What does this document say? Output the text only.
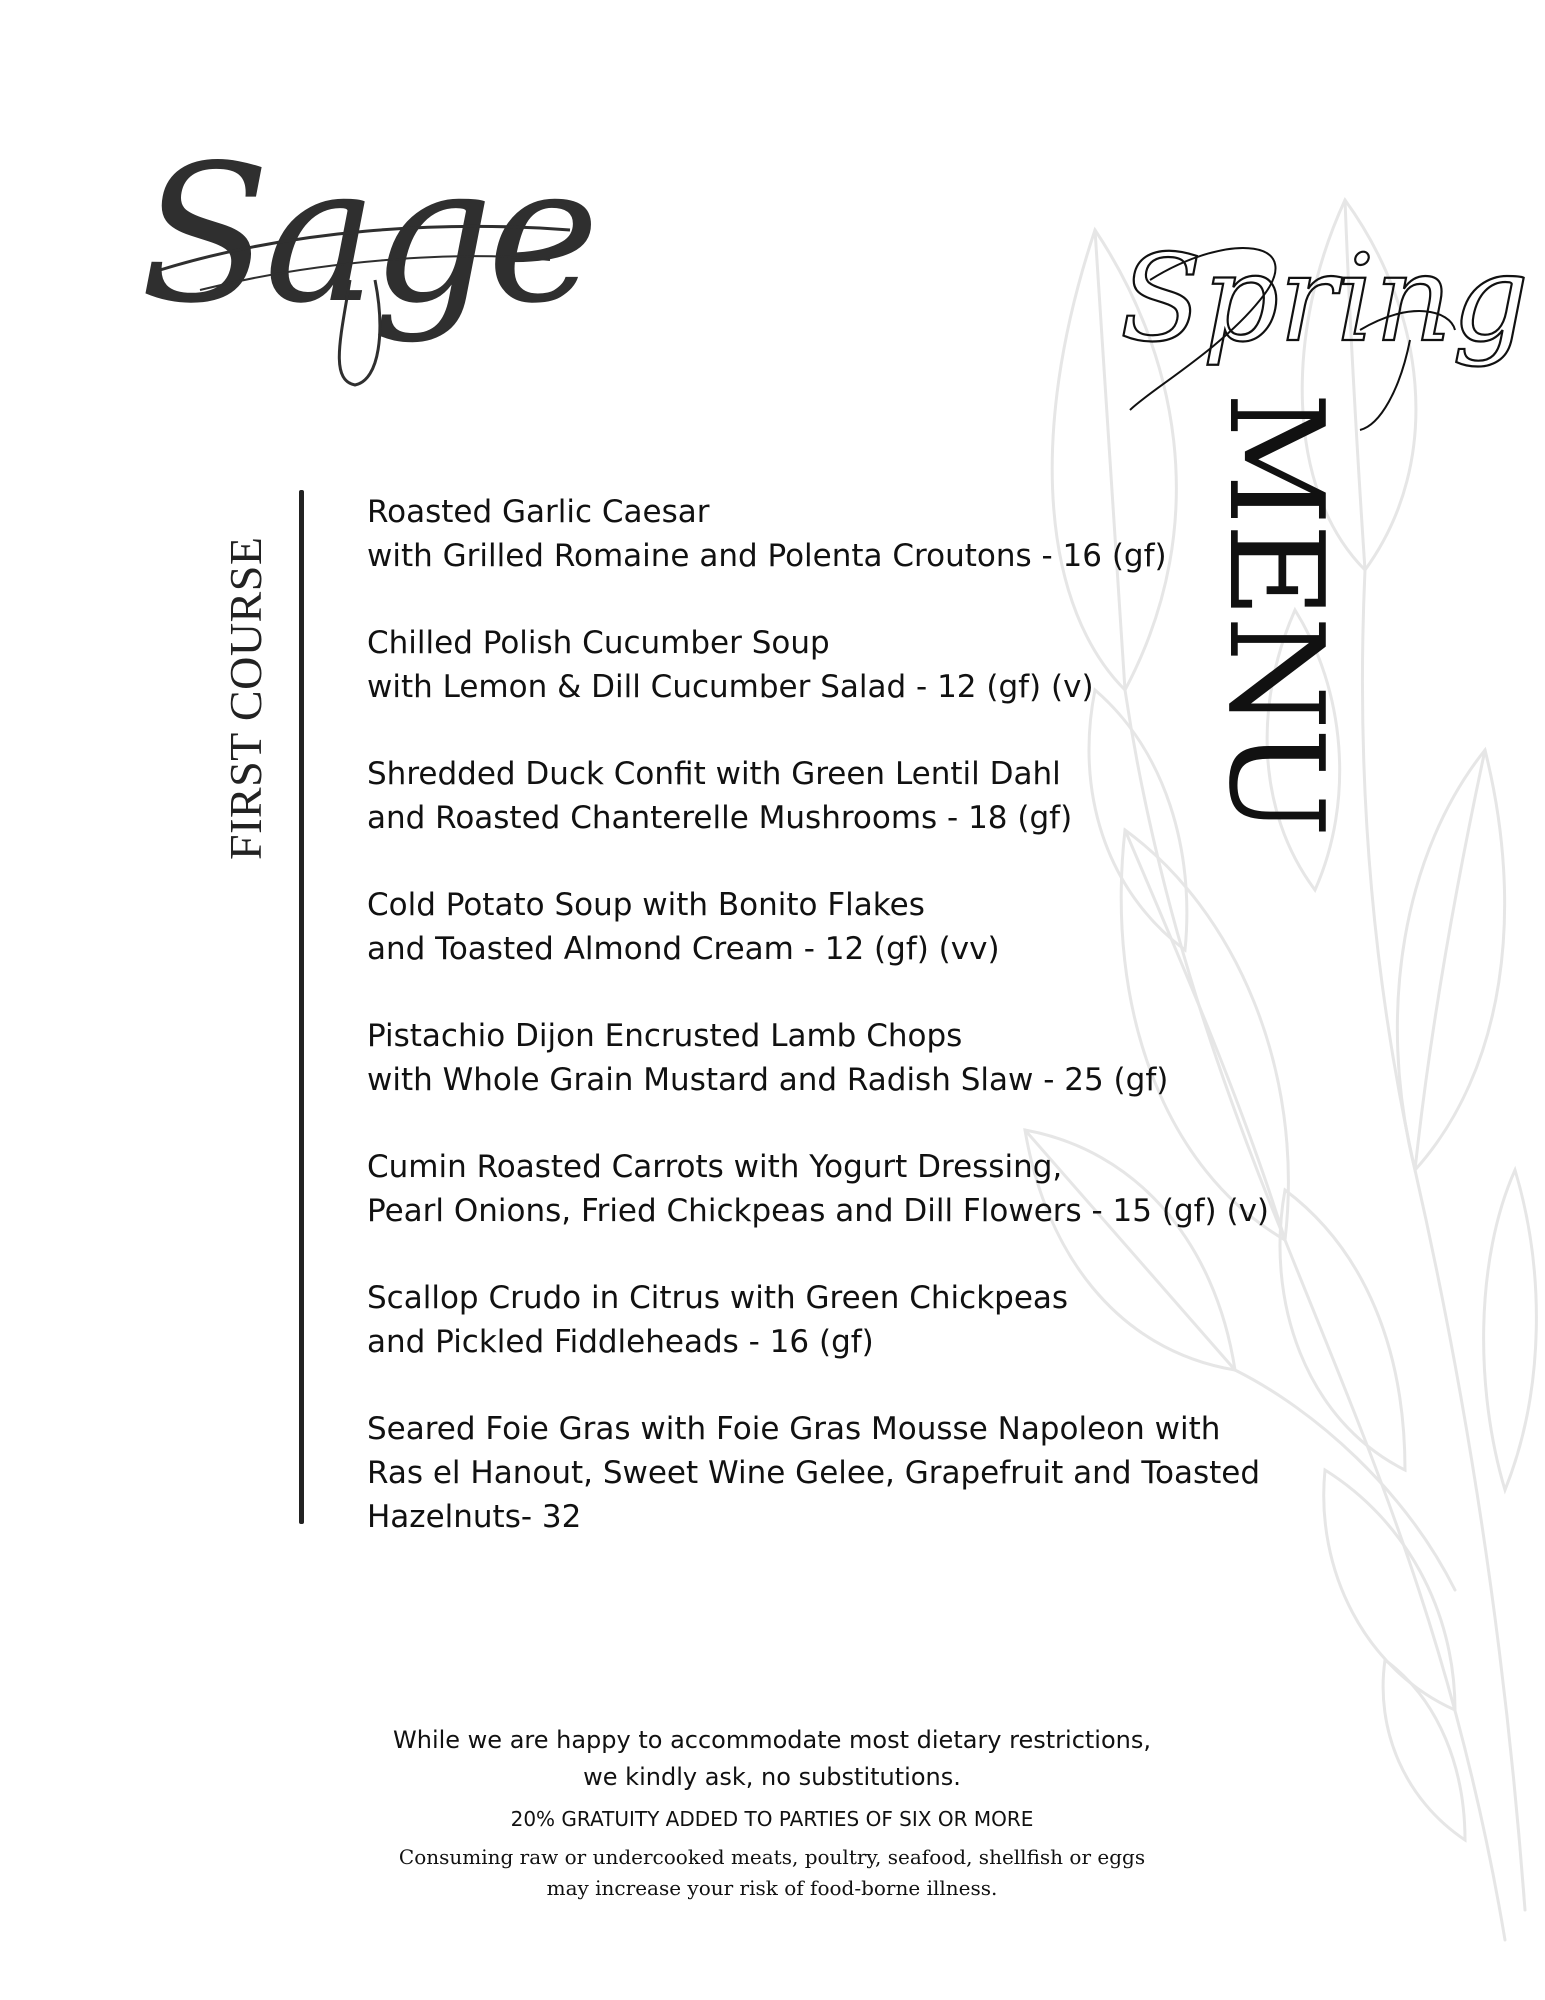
Sage	Spring
MENU
FIRST COURSE
Roasted Garlic Caesar
with Grilled Romaine and Polenta Croutons - 16 (gf)
Chilled Polish Cucumber Soup
with Lemon & Dill Cucumber Salad - 12 (gf) (v)
Shredded Duck Confit with Green Lentil Dahl
and Roasted Chanterelle Mushrooms - 18 (gf)
Cold Potato Soup with Bonito Flakes
and Toasted Almond Cream - 12 (gf) (vv)
Pistachio Dijon Encrusted Lamb Chops
with Whole Grain Mustard and Radish Slaw - 25 (gf)
Cumin Roasted Carrots with Yogurt Dressing,
Pearl Onions, Fried Chickpeas and Dill Flowers - 15 (gf) (v)
Scallop Crudo in Citrus with Green Chickpeas
and Pickled Fiddleheads - 16 (gf)
Seared Foie Gras with Foie Gras Mousse Napoleon with
Ras el Hanout, Sweet Wine Gelee, Grapefruit and Toasted
Hazelnuts- 32
While we are happy to accommodate most dietary restrictions,
we kindly ask, no substitutions.
20% GRATUITY ADDED TO PARTIES OF SIX OR MORE
Consuming raw or undercooked meats, poultry, seafood, shellfish or eggs
may increase your risk of food-borne illness.
